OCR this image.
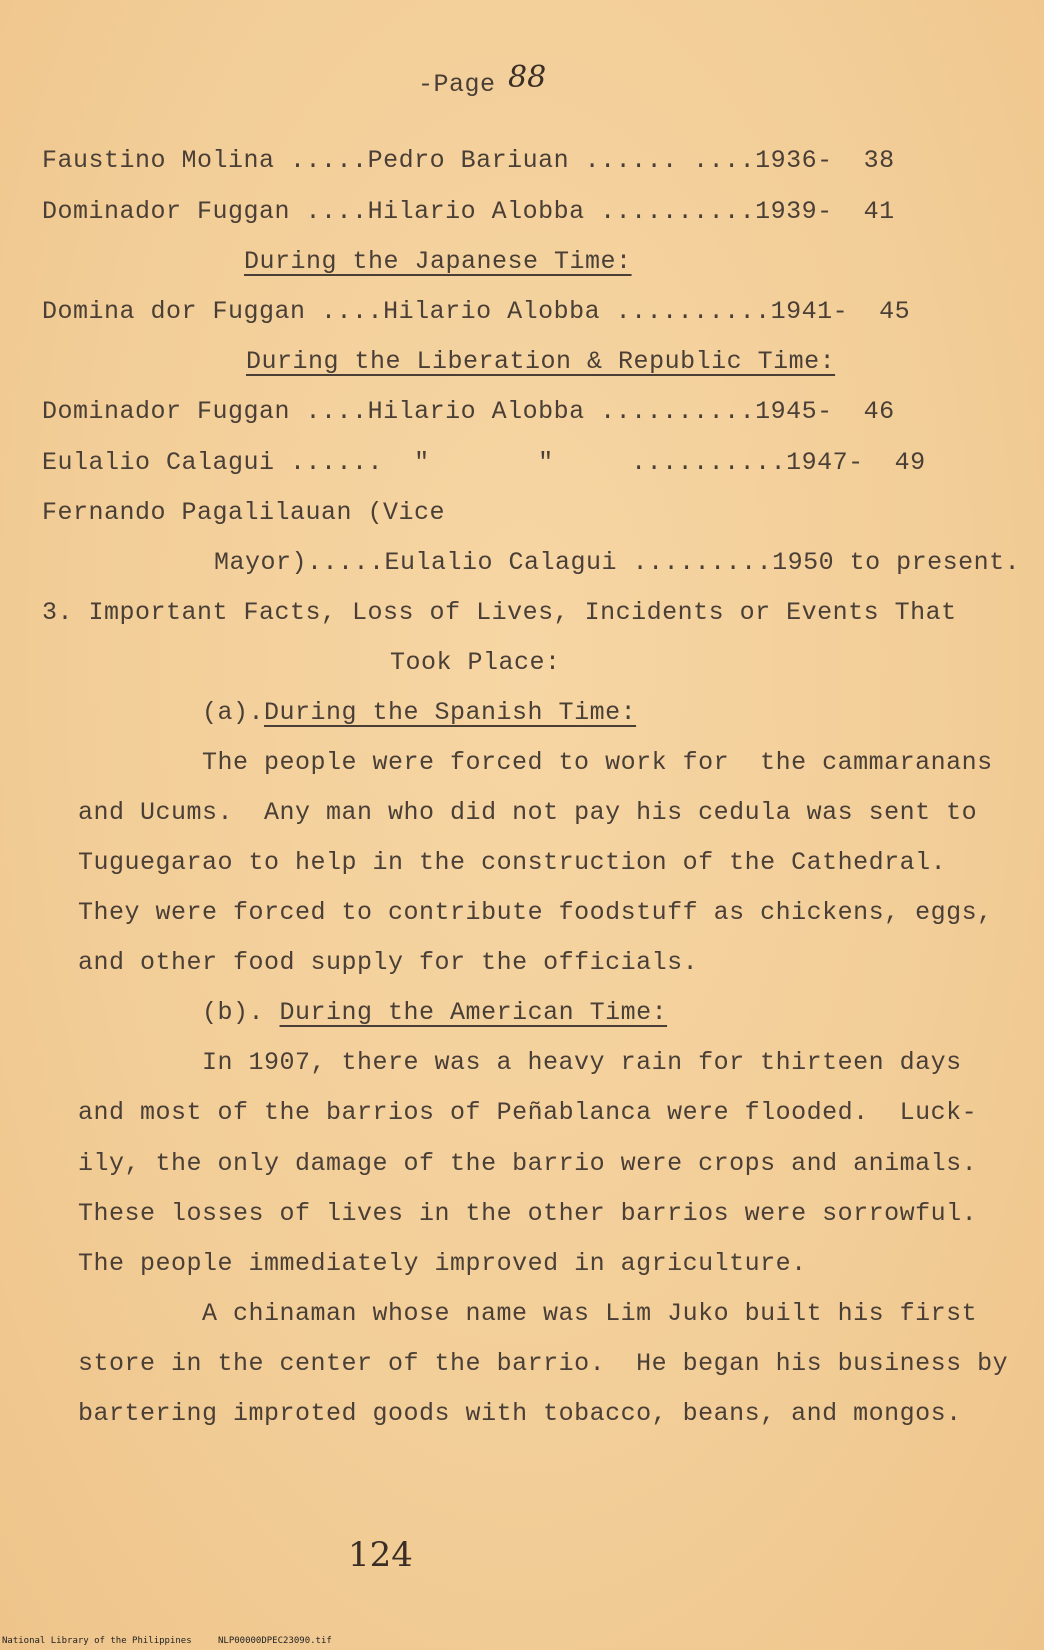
-Page 88
Faustino Molina .....Pedro Bariuan ...... ....1936-  38
Dominador Fuggan ....Hilario Alobba ..........1939-  41
During the Japanese Time:
Domina dor Fuggan ....Hilario Alobba ..........1941-  45
During the Liberation & Republic Time:
Dominador Fuggan ....Hilario Alobba ..........1945-  46
Eulalio Calagui ......  "       "     ..........1947-  49
Fernando Pagalilauan (Vice
Mayor).....Eulalio Calagui .........1950 to present.
3. Important Facts, Loss of Lives, Incidents or Events That
Took Place:
(a).During the Spanish Time:
The people were forced to work for  the cammaranans
and Ucums.  Any man who did not pay his cedula was sent to
Tuguegarao to help in the construction of the Cathedral.
They were forced to contribute foodstuff as chickens, eggs,
and other food supply for the officials.
(b). During the American Time:
In 1907, there was a heavy rain for thirteen days
and most of the barrios of Peñablanca were flooded.  Luck-
ily, the only damage of the barrio were crops and animals.
These losses of lives in the other barrios were sorrowful.
The people immediately improved in agriculture.
A chinaman whose name was Lim Juko built his first
store in the center of the barrio.  He began his business by
bartering improted goods with tobacco, beans, and mongos.
124
National Library of the Philippines	NLP00000DPEC23090.tif
